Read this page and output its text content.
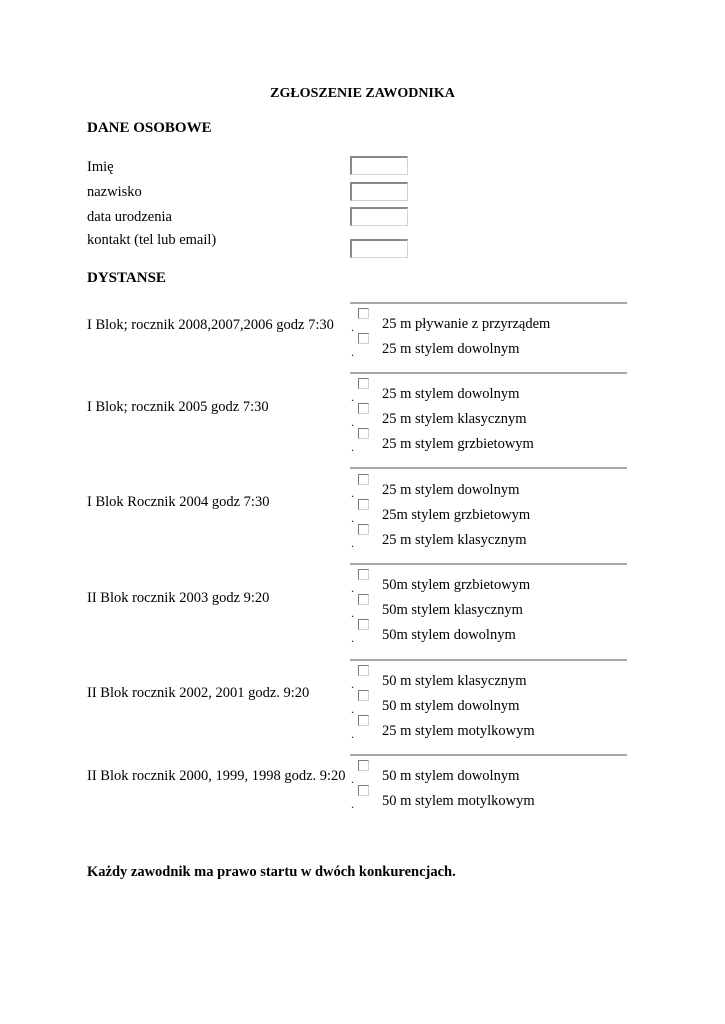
ZGŁOSZENIE ZAWODNIKA
DANE OSOBOWE
Imię
nazwisko
data urodzenia
kontakt (tel lub email)
DYSTANSE
I Blok; rocznik 2008,2007,2006 godz 7:30 . 25 m pływanie z przyrządem
. 25 m stylem dowolnym
I Blok; rocznik 2005 godz 7:30
. 25 m stylem dowolnym
. 25 m stylem klasycznym
. 25 m stylem grzbietowym
I Blok Rocznik 2004 godz 7:30
. 25 m stylem dowolnym
. 25m stylem grzbietowym
. 25 m stylem klasycznym
II Blok rocznik 2003 godz 9:20
. 50m stylem grzbietowym
. 50m stylem klasycznym
. 50m stylem dowolnym
II Blok rocznik 2002, 2001 godz. 9:20
. 50 m stylem klasycznym
. 50 m stylem dowolnym
. 25 m stylem motylkowym
II Blok rocznik 2000, 1999, 1998 godz. 9:20 . 50 m stylem dowolnym
. 50 m stylem motylkowym
Każdy zawodnik ma prawo startu w dwóch konkurencjach.
